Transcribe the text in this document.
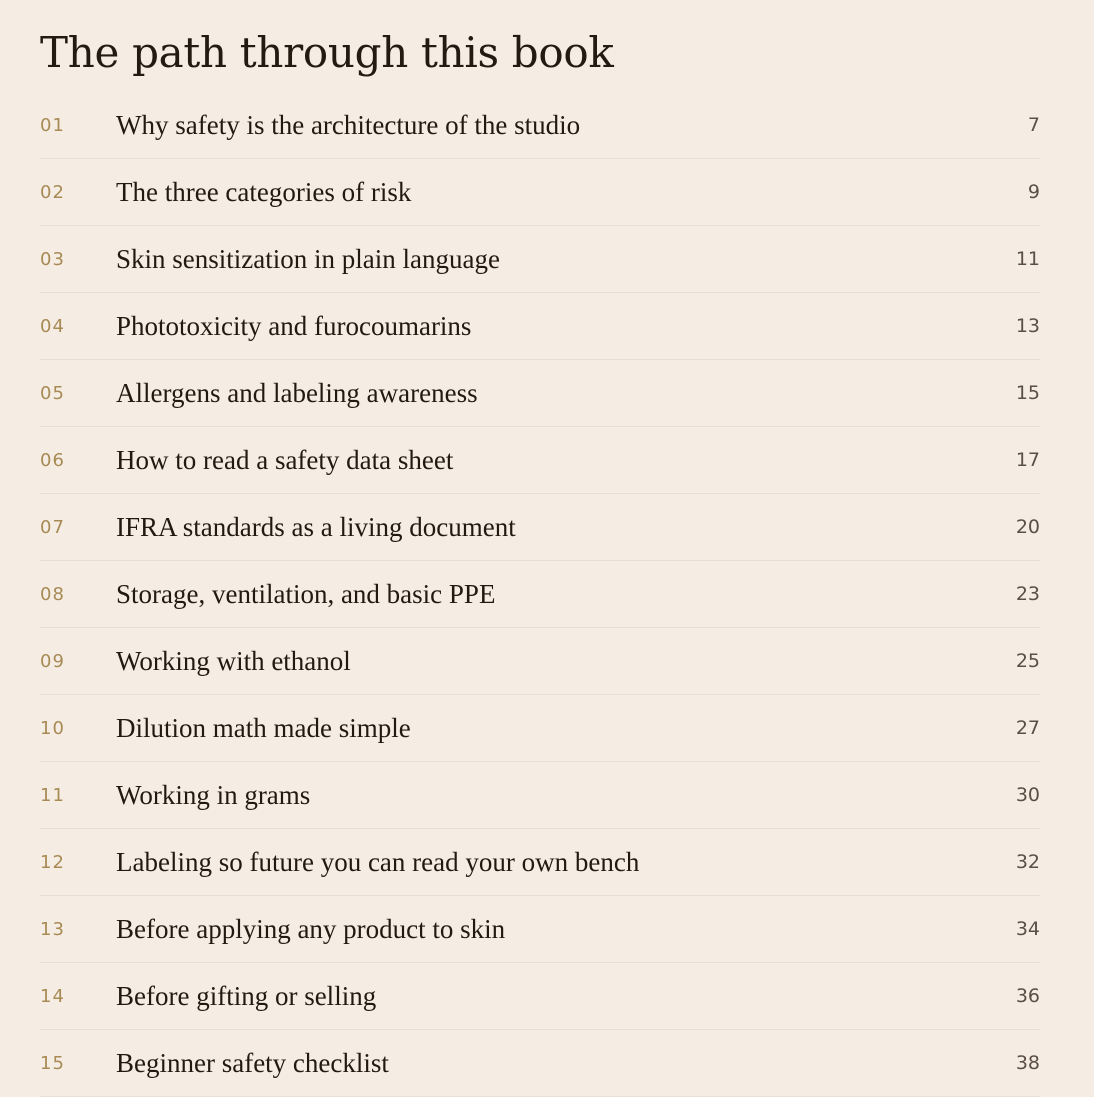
The path through this book
01	Why safety is the architecture of the studio	7
02	The three categories of risk	9
03	Skin sensitization in plain language	11
04	Phototoxicity and furocoumarins	13
05	Allergens and labeling awareness	15
06	How to read a safety data sheet	17
07	IFRA standards as a living document	20
08	Storage, ventilation, and basic PPE	23
09	Working with ethanol	25
10	Dilution math made simple	27
11	Working in grams	30
12	Labeling so future you can read your own bench	32
13	Before applying any product to skin	34
14	Before gifting or selling	36
15	Beginner safety checklist	38
